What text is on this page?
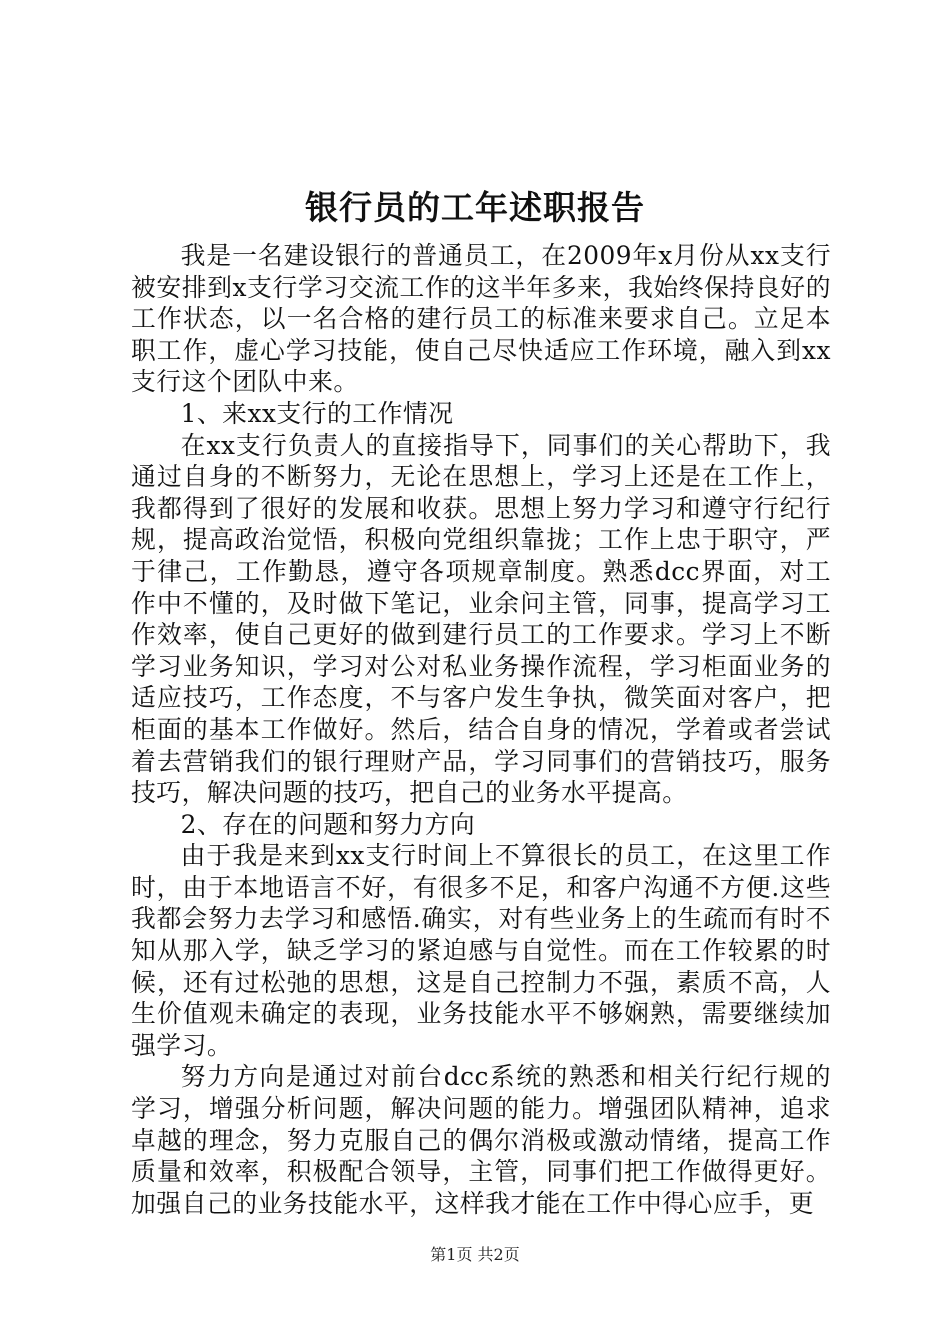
银行员的工年述职报告

我是一名建设银行的普通员工，在2009年x月份从xx支行被安排到x支行学习交流工作的这半年多来，我始终保持良好的工作状态，以一名合格的建行员工的标准来要求自己。立足本职工作，虚心学习技能，使自己尽快适应工作环境，融入到xx支行这个团队中来。

1、来xx支行的工作情况

在xx支行负责人的直接指导下，同事们的关心帮助下，我通过自身的不断努力，无论在思想上，学习上还是在工作上，我都得到了很好的发展和收获。思想上努力学习和遵守行纪行规，提高政治觉悟，积极向党组织靠拢；工作上忠于职守，严于律己，工作勤恳，遵守各项规章制度。熟悉dcc界面，对工作中不懂的，及时做下笔记，业余问主管，同事，提高学习工作效率，使自己更好的做到建行员工的工作要求。学习上不断学习业务知识，学习对公对私业务操作流程，学习柜面业务的适应技巧，工作态度，不与客户发生争执，微笑面对客户，把柜面的基本工作做好。然后，结合自身的情况，学着或者尝试着去营销我们的银行理财产品，学习同事们的营销技巧，服务技巧，解决问题的技巧，把自己的业务水平提高。

2、存在的问题和努力方向

由于我是来到xx支行时间上不算很长的员工，在这里工作时，由于本地语言不好，有很多不足，和客户沟通不方便.这些我都会努力去学习和感悟.确实，对有些业务上的生疏而有时不知从那入学，缺乏学习的紧迫感与自觉性。而在工作较累的时候，还有过松弛的思想，这是自己控制力不强，素质不高，人生价值观未确定的表现，业务技能水平不够娴熟，需要继续加强学习。

努力方向是通过对前台dcc系统的熟悉和相关行纪行规的学习，增强分析问题，解决问题的能力。增强团队精神，追求卓越的理念，努力克服自己的偶尔消极或激动情绪，提高工作质量和效率，积极配合领导，主管，同事们把工作做得更好。加强自己的业务技能水平，这样我才能在工作中得心应手，更

第1页 共2页
